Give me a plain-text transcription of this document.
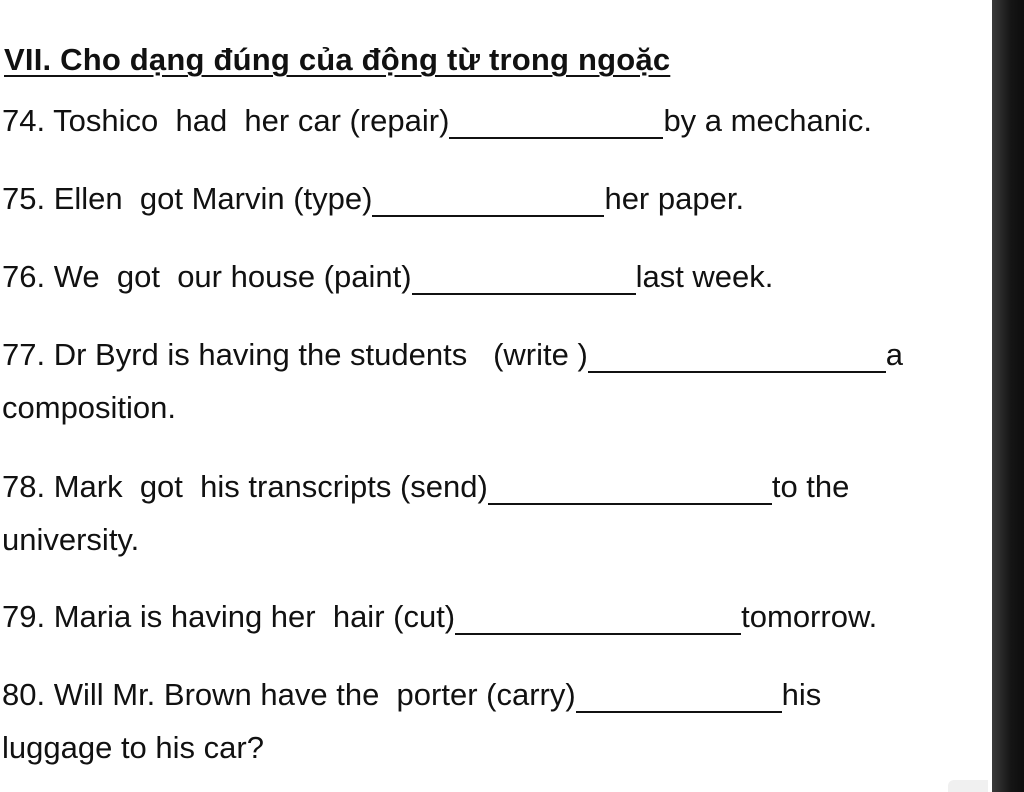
VII. Cho dạng đúng của động từ trong ngoặc
74. Toshico  had  her car (repair)	by a mechanic.
75. Ellen  got Marvin (type)	her paper.
76. We  got  our house (paint)	last week.
77. Dr Byrd is having the students   (write )	a
composition.
78. Mark  got  his transcripts (send)	to the
university.
79. Maria is having her  hair (cut)	tomorrow.
80. Will Mr. Brown have the  porter (carry)	his
luggage to his car?
